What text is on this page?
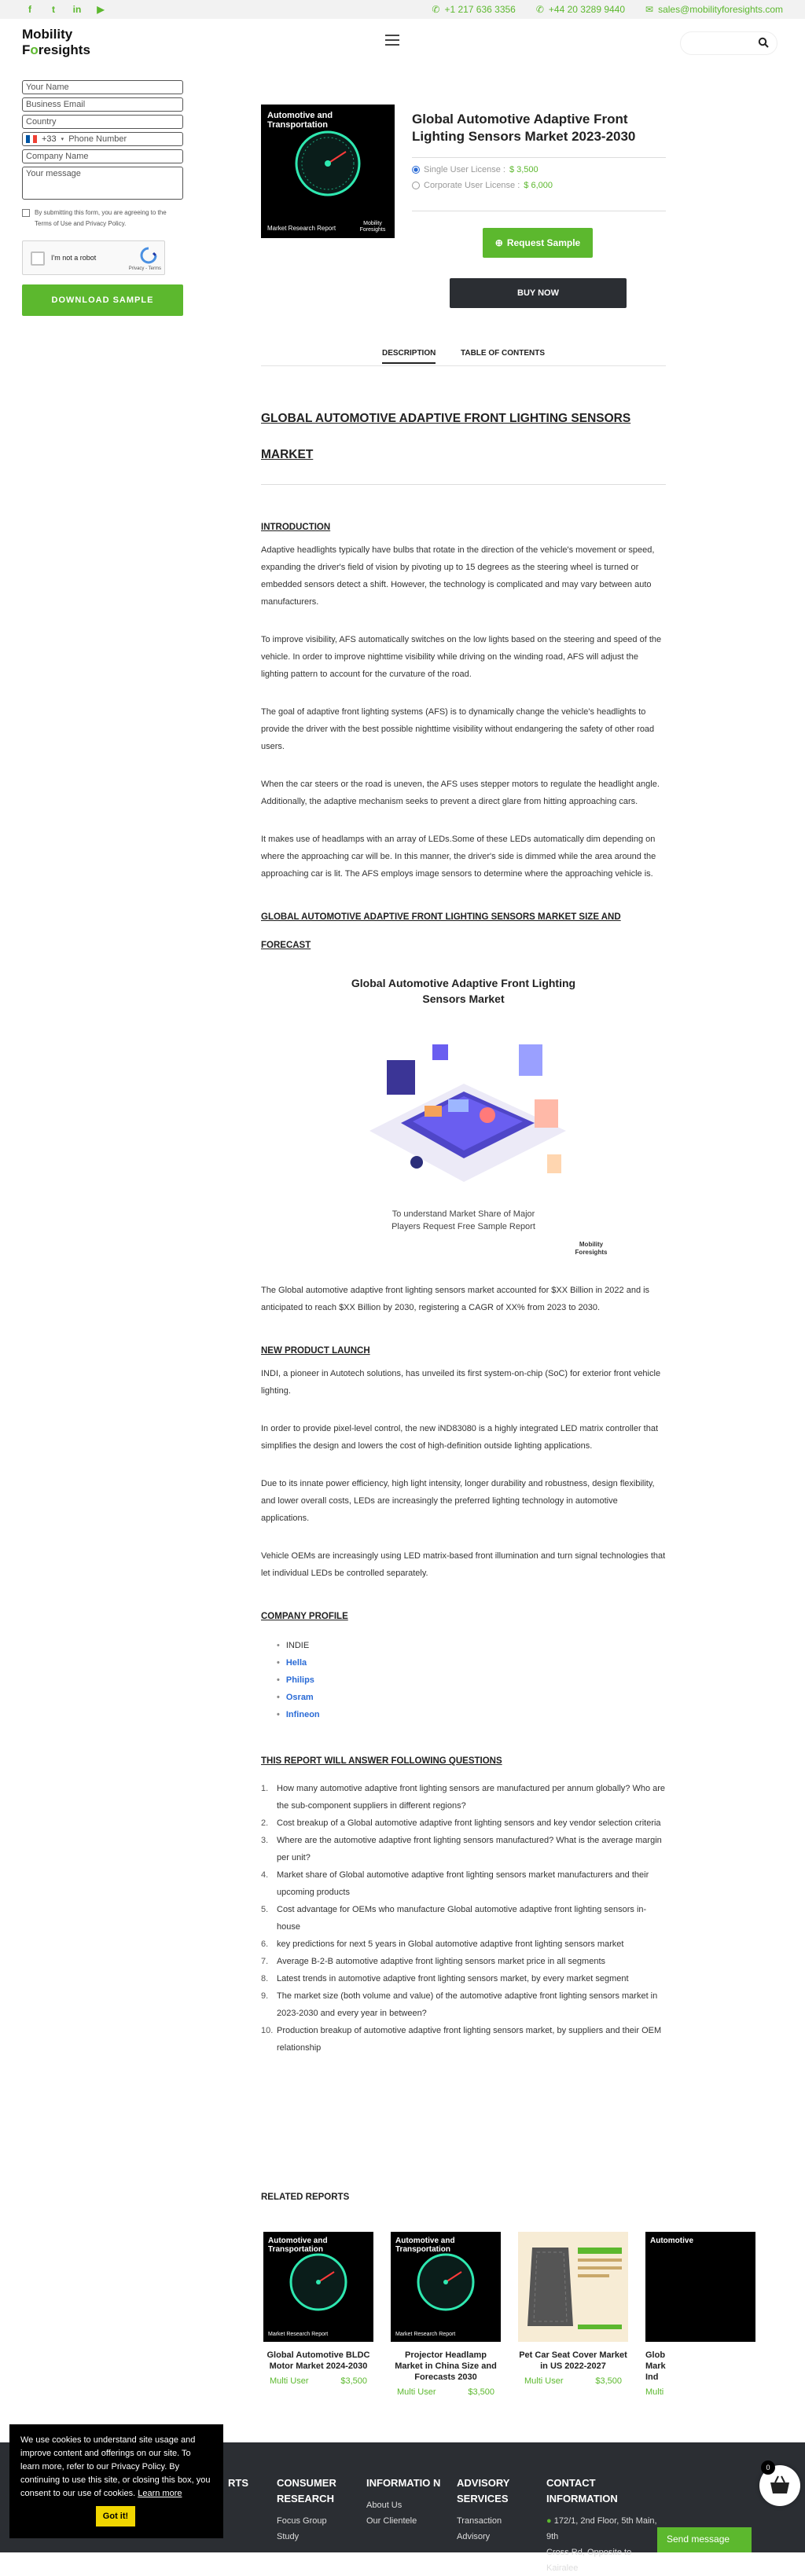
f	t	in ▶	✆ +1 217 636 3356 ✆ +44 20 3289 9440 ✉ sales@mobilityforesights.com
Mobility
Foresights
Your Name
Business Email
Country
+33 ▾ Phone Number
Company Name
Your message
By submitting this form, you are agreeing to the Terms of Use and Privacy Policy.
I'm not a robot
Privacy - Terms
DOWNLOAD SAMPLE
Automotive and Transportation
Market Research Report
Mobility Foresights
Global Automotive Adaptive Front Lighting Sensors Market 2023-2030
Single User License : $ 3,500
Corporate User License : $ 6,000
⊕ Request Sample
BUY NOW
DESCRIPTION	TABLE OF CONTENTS
GLOBAL AUTOMOTIVE ADAPTIVE FRONT LIGHTING SENSORS MARKET
INTRODUCTION
Adaptive headlights typically have bulbs that rotate in the direction of the vehicle's movement or speed, expanding the driver's field of vision by pivoting up to 15 degrees as the steering wheel is turned or embedded sensors detect a shift. However, the technology is complicated and may vary between auto manufacturers.
To improve visibility, AFS automatically switches on the low lights based on the steering and speed of the vehicle. In order to improve nighttime visibility while driving on the winding road, AFS will adjust the lighting pattern to account for the curvature of the road.
The goal of adaptive front lighting systems (AFS) is to dynamically change the vehicle's headlights to provide the driver with the best possible nighttime visibility without endangering the safety of other road users.
When the car steers or the road is uneven, the AFS uses stepper motors to regulate the headlight angle. Additionally, the adaptive mechanism seeks to prevent a direct glare from hitting approaching cars.
It makes use of headlamps with an array of LEDs.Some of these LEDs automatically dim depending on where the approaching car will be. In this manner, the driver's side is dimmed while the area around the approaching car is lit. The AFS employs image sensors to determine where the approaching vehicle is.
GLOBAL AUTOMOTIVE ADAPTIVE FRONT LIGHTING SENSORS MARKET SIZE AND FORECAST
Global Automotive Adaptive Front Lighting Sensors Market
To understand Market Share of Major Players Request Free Sample Report
Mobility Foresights
The Global automotive adaptive front lighting sensors market accounted for $XX Billion in 2022 and is anticipated to reach $XX Billion by 2030, registering a CAGR of XX% from 2023 to 2030.
NEW PRODUCT LAUNCH
INDI, a pioneer in Autotech solutions, has unveiled its first system-on-chip (SoC) for exterior front vehicle lighting.
In order to provide pixel-level control, the new iND83080 is a highly integrated LED matrix controller that simplifies the design and lowers the cost of high-definition outside lighting applications.
Due to its innate power efficiency, high light intensity, longer durability and robustness, design flexibility, and lower overall costs, LEDs are increasingly the preferred lighting technology in automotive applications.
Vehicle OEMs are increasingly using LED matrix-based front illumination and turn signal technologies that let individual LEDs be controlled separately.
COMPANY PROFILE
• INDIE
• Hella
• Philips
• Osram
• Infineon
THIS REPORT WILL ANSWER FOLLOWING QUESTIONS
1. How many automotive adaptive front lighting sensors are manufactured per annum globally? Who are the sub-component suppliers in different regions?
2. Cost breakup of a Global automotive adaptive front lighting sensors and key vendor selection criteria
3. Where are the automotive adaptive front lighting sensors manufactured? What is the average margin per unit?
4. Market share of Global automotive adaptive front lighting sensors market manufacturers and their upcoming products
5. Cost advantage for OEMs who manufacture Global automotive adaptive front lighting sensors in-house
6. key predictions for next 5 years in Global automotive adaptive front lighting sensors market
7. Average B-2-B automotive adaptive front lighting sensors market price in all segments
8. Latest trends in automotive adaptive front lighting sensors market, by every market segment
9. The market size (both volume and value) of the automotive adaptive front lighting sensors market in 2023-2030 and every year in between?
10. Production breakup of automotive adaptive front lighting sensors market, by suppliers and their OEM relationship
RELATED REPORTS
Automotive and Transportation
Market Research Report
Global Automotive BLDC Motor Market 2024-2030
Multi User	$3,500
Automotive and Transportation
Market Research Report
Projector Headlamp Market in China Size and Forecasts 2030
Multi User	$3,500
Pet Car Seat Cover Market in US 2022-2027
Multi User	$3,500
Automotive
Glob Mark Ind
Multi
RTS	CONSUMER RESEARCH
Focus Group
Study
INFORMATIO N
About Us
Our Clientele
ADVISORY SERVICES
Transaction
Advisory
CONTACT INFORMATION
● 172/1, 2nd Floor, 5th Main, 9th
Cross Rd, Opposite to Kairalee
We use cookies to understand site usage and improve content and offerings on our site. To learn more, refer to our Privacy Policy. By continuing to use this site, or closing this box, you consent to our use of cookies. Learn more
Got it!
0
Send message
